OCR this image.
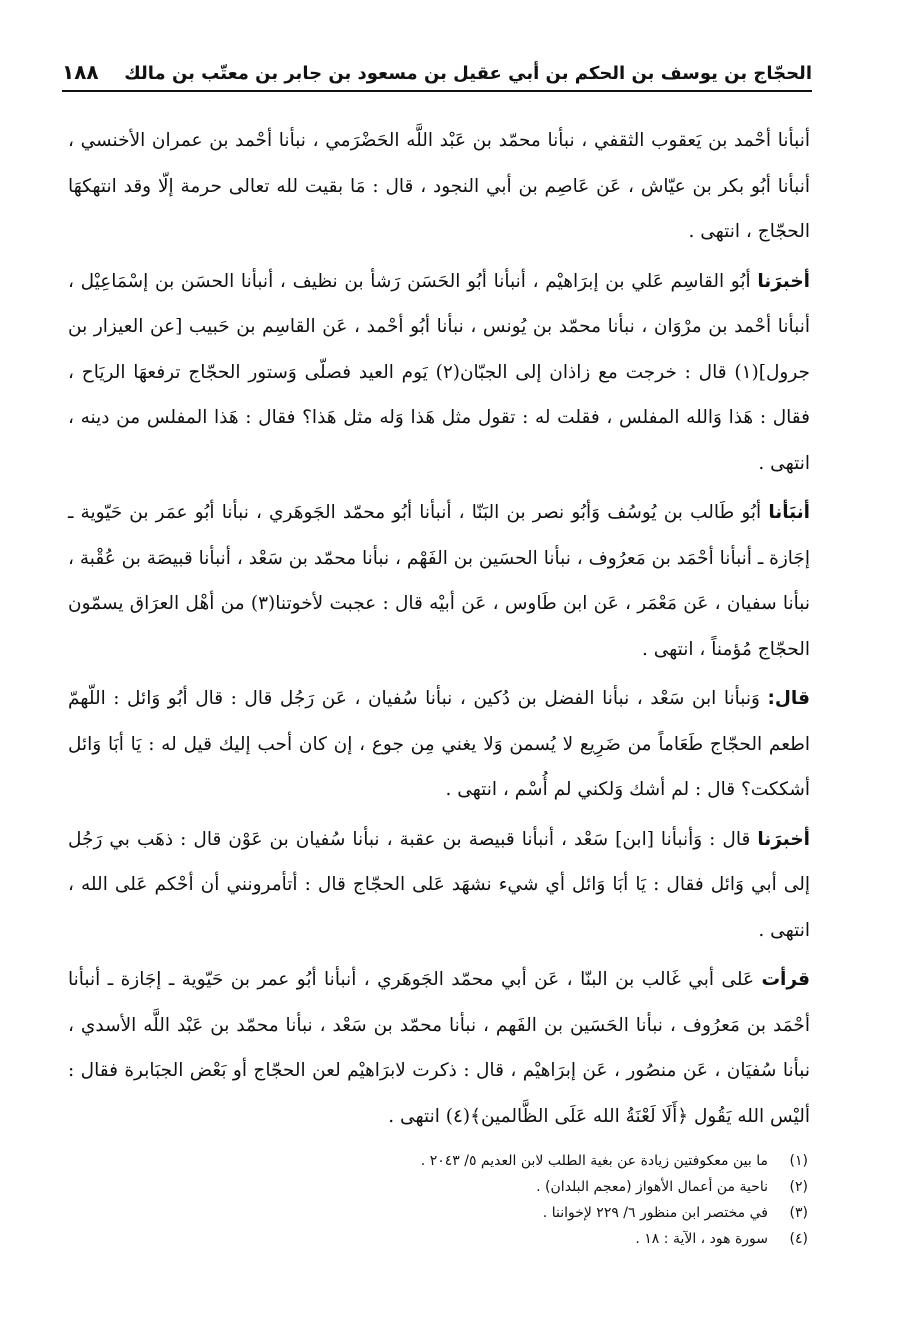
الحجّاج بن يوسف بن الحكم بن أبي عقيل بن مسعود بن جابر بن معتّب بن مالك
١٨٨

أنبأنا أحْمد بن يَعقوب الثقفي ، نبأنا محمّد بن عَبْد اللَّه الحَضْرَمي ، نبأنا أحْمد بن عمران الأخنسي ، أنبأنا أبُو بكر بن عيّاش ، عَن عَاصِم بن أبي النجود ، قال : مَا بقيت لله تعالى حرمة إلّا وقد انتهكهَا الحجّاج ، انتهى .

أخبرَنا أبُو القاسِم عَلي بن إبرَاهيْم ، أنبأنا أبُو الحَسَن رَشأ بن نظيف ، أنبأنا الحسَن بن إسْمَاعِيْل ، أنبأنا أحْمد بن مرْوَان ، نبأنا محمّد بن يُونس ، نبأنا أبُو أحْمد ، عَن القاسِم بن حَبيب [عن العيزار بن جرول](١) قال : خرجت مع زاذان إلى الجبّان(٢) يَوم العيد فصلّى وَستور الحجّاج ترفعهَا الريَاح ، فقال : هَذا وَالله المفلس ، فقلت له : تقول مثل هَذا وَله مثل هَذا؟ فقال : هَذا المفلس من دينه ، انتهى .

أنبَأنا أبُو طَالب بن يُوسُف وَأبُو نصر بن البَنّا ، أنبأنا أبُو محمّد الجَوهَري ، نبأنا أبُو عمَر بن حَيّوية ـ إجَازة ـ أنبأنا أحْمَد بن مَعرُوف ، نبأنا الحسَين بن الفَهْم ، نبأنا محمّد بن سَعْد ، أنبأنا قبيصَة بن عُقْبة ، نبأنا سفيان ، عَن مَعْمَر ، عَن ابن طَاوس ، عَن أبيْه قال : عجبت لأخوتنا(٣) من أهْل العرَاق يسمّون الحجّاج مُؤمناً ، انتهى .

قال: وَنبأنا ابن سَعْد ، نبأنا الفضل بن دُكين ، نبأنا سُفيان ، عَن رَجُل قال : قال أبُو وَائل : اللّهمّ اطعم الحجّاج طَعَاماً من ضَرِيع لا يُسمن وَلا يغني مِن جوع ، إن كان أحب إليك قيل له : يَا أبَا وَائل أشككت؟ قال : لم أشك وَلكني لم أُسْم ، انتهى .

أخبرَنا قال : وَأنبأنا [ابن] سَعْد ، أنبأنا قبيصة بن عقبة ، نبأنا سُفيان بن عَوْن قال : ذهَب بي رَجُل إلى أبي وَائل فقال : يَا أبَا وَائل أي شيء نشهَد عَلى الحجّاج قال : أتأمرونني أن أحْكم عَلى الله ، انتهى .

قرأت عَلى أبي غَالب بن البنّا ، عَن أبي محمّد الجَوهَري ، أنبأنا أبُو عمر بن حَيّوية ـ إجَازة ـ أنبأنا أحْمَد بن مَعرُوف ، نبأنا الحَسَين بن الفَهم ، نبأنا محمّد بن سَعْد ، نبأنا محمّد بن عَبْد اللَّه الأسدي ، نبأنا سُفيَان ، عَن منصُور ، عَن إبرَاهيْم ، قال : ذكرت لابرَاهيْم لعن الحجّاج أو بَعْض الجبَابرة فقال : أليْس الله يَقُول ﴿أَلَا لَعْنَةُ الله عَلَى الظَّالمين﴾(٤) انتهى .

(١)
ما بين معكوفتين زيادة عن بغية الطلب لابن العديم ٥/ ٢٠٤٣ .
(٢)
ناحية من أعمال الأهواز (معجم البلدان) .
(٣)
في مختصر ابن منظور ٦/ ٢٢٩ لإخواننا .
(٤)
سورة هود ، الآية : ١٨ .
